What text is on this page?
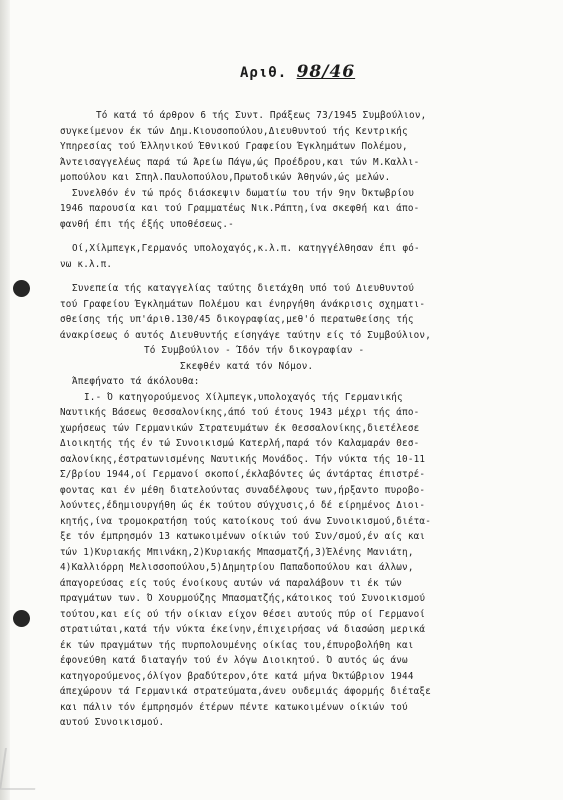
Αριθ. 98/46
Τό κατά τό άρθρον 6 τής Συντ. Πράξεως 73/1945 Συμβούλιον,
συγκείμενον έκ τών Δημ.Κιουσοπούλου,Διευθυντού τής Κεντρικής
Υπηρεσίας τού Έλληνικού Έθνικού Γραφείου Έγκλημάτων Πολέμου,
Άντεισαγγελέως παρά τώ Άρείω Πάγω,ώς Προέδρου,και τών Μ.Καλλι-
μοπούλου και Σπηλ.Παυλοπούλου,Πρωτοδικών Άθηνών,ώς μελών.
Συνελθόν έν τώ πρός διάσκεψιν δωματίω του τήν 9ην Όκτωβρίου
1946 παρουσία και τού Γραμματέως Νικ.Ράπτη,ίνα σκεφθή και άπο-
φανθή έπι τής έξής υποθέσεως.-
Οί,Χίλμπεγκ,Γερμανός υπολοχαγός,κ.λ.π. κατηγγέλθησαν έπι φό-
νω κ.λ.π.
Συνεπεία τής καταγγελίας ταύτης διετάχθη υπό τού Διευθυντού
τού Γραφείου Έγκλημάτων Πολέμου και ένηργήθη άνάκρισις σχηματι-
σθείσης τής υπ'άριθ.130/45 δικογραφίας,μεθ'ό περατωθείσης τής
άνακρίσεως ό αυτός Διευθυντής είσηγάγε ταύτην είς τό Συμβούλιον,
Τό Συμβούλιον - Ίδόν τήν δικογραφίαν -
Σκεφθέν κατά τόν Νόμον.
Άπεφήνατο τά άκόλουθα:
Ι.- Ό κατηγορούμενος Χίλμπεγκ,υπολοχαγός τής Γερμανικής
Ναυτικής Βάσεως Θεσσαλονίκης,άπό τού έτους 1943 μέχρι τής άπο-
χωρήσεως τών Γερμανικών Στρατευμάτων έκ Θεσσαλονίκης,διετέλεσε
Διοικητής τής έν τώ Συνοικισμώ Κατερλή,παρά τόν Καλαμαράν Θεσ-
σαλονίκης,έστρατωνισμένης Ναυτικής Μονάδος. Τήν νύκτα τής 10-11
Σ/βρίου 1944,οί Γερμανοί σκοποί,έκλαβόντες ώς άντάρτας έπιστρέ-
φοντας και έν μέθη διατελούντας συναδέλφους των,ήρξαντο πυροβο-
λούντες,έδημιουργήθη ώς έκ τούτου σύγχυσις,ό δέ είρημένος Διοι-
κητής,ίνα τρομοκρατήση τούς κατοίκους τού άνω Συνοικισμού,διέτα-
ξε τόν έμπρησμόν 13 κατωκοιμένων οίκιών τού Συν/σμού,έν αίς και
τών 1)Κυριακής Μπινάκη,2)Κυριακής Μπασματζή,3)Έλένης Μανιάτη,
4)Καλλιόρρη Μελισσοπούλου,5)Δημητρίου Παπαδοπούλου και άλλων,
άπαγορεύσας είς τούς ένοίκους αυτών νά παραλάβουν τι έκ τών
πραγμάτων των. Ό Χουρμούζης Μπασματζής,κάτοικος τού Συνοικισμού
τούτου,και είς ού τήν οίκιαν είχον θέσει αυτούς πύρ οί Γερμανοί
στρατιώται,κατά τήν νύκτα έκείνην,έπιχειρήσας νά διασώση μερικά
έκ τών πραγμάτων τής πυρπολουμένης οίκίας του,έπυροβολήθη και
έφονεύθη κατά διαταγήν τού έν λόγω Διοικητού. Ό αυτός ώς άνω
κατηγορούμενος,όλίγον βραδύτερον,ότε κατά μήνα Όκτώβριον 1944
άπεχώρουν τά Γερμανικά στρατεύματα,άνευ ουδεμιάς άφορμής διέταξε
και πάλιν τόν έμπρησμόν έτέρων πέντε κατωκοιμένων οίκιών τού
αυτού Συνοικισμού.
